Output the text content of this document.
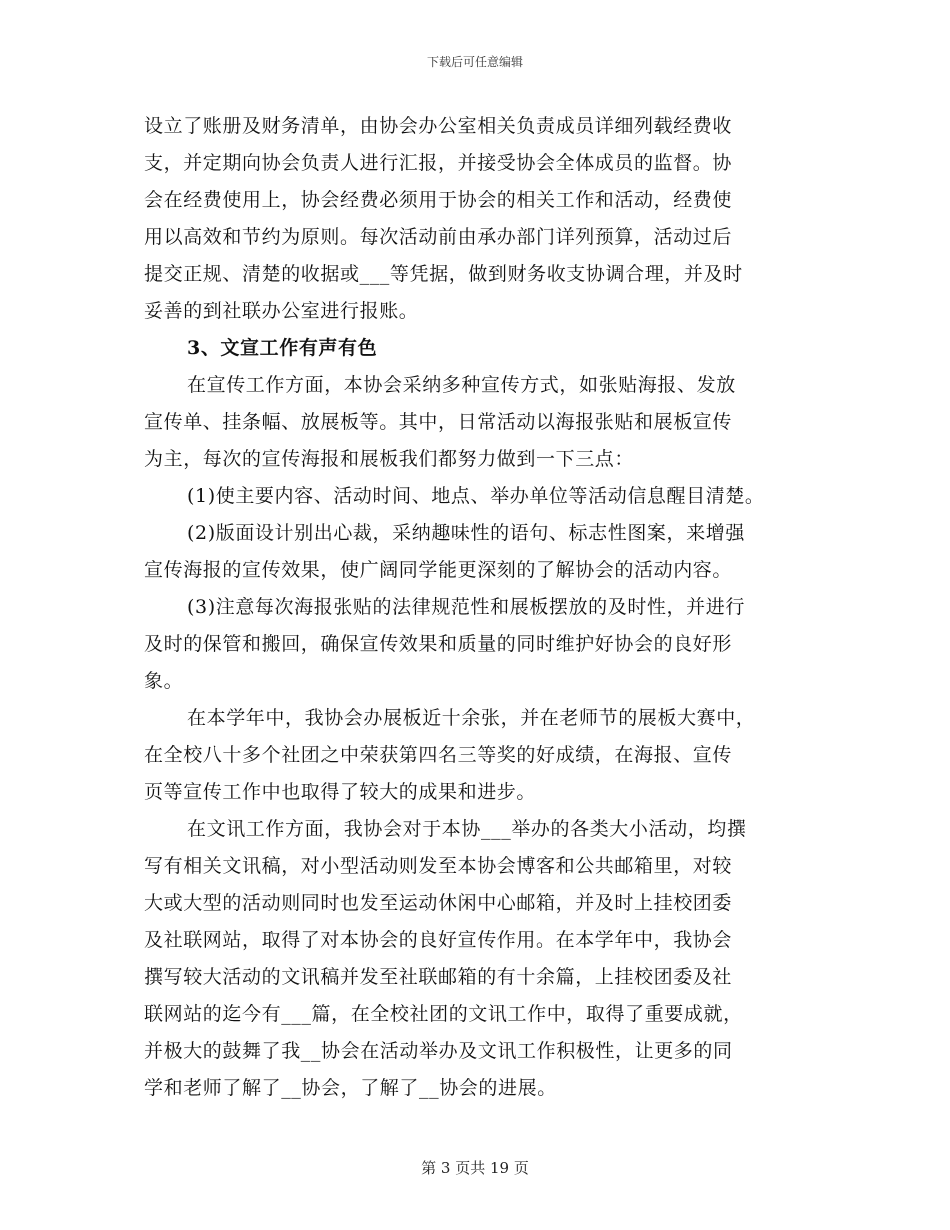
下载后可任意编辑
设立了账册及财务清单，由协会办公室相关负责成员详细列载经费收
支，并定期向协会负责人进行汇报，并接受协会全体成员的监督。协
会在经费使用上，协会经费必须用于协会的相关工作和活动，经费使
用以高效和节约为原则。每次活动前由承办部门详列预算，活动过后
提交正规、清楚的收据或___等凭据，做到财务收支协调合理，并及时
妥善的到社联办公室进行报账。
3、文宣工作有声有色
在宣传工作方面，本协会采纳多种宣传方式，如张贴海报、发放
宣传单、挂条幅、放展板等。其中，日常活动以海报张贴和展板宣传
为主，每次的宣传海报和展板我们都努力做到一下三点：
(1)使主要内容、活动时间、地点、举办单位等活动信息醒目清楚。
(2)版面设计别出心裁，采纳趣味性的语句、标志性图案，来增强
宣传海报的宣传效果，使广阔同学能更深刻的了解协会的活动内容。
(3)注意每次海报张贴的法律规范性和展板摆放的及时性，并进行
及时的保管和搬回，确保宣传效果和质量的同时维护好协会的良好形
象。
在本学年中，我协会办展板近十余张，并在老师节的展板大赛中，
在全校八十多个社团之中荣获第四名三等奖的好成绩，在海报、宣传
页等宣传工作中也取得了较大的成果和进步。
在文讯工作方面，我协会对于本协___举办的各类大小活动，均撰
写有相关文讯稿，对小型活动则发至本协会博客和公共邮箱里，对较
大或大型的活动则同时也发至运动休闲中心邮箱，并及时上挂校团委
及社联网站，取得了对本协会的良好宣传作用。在本学年中，我协会
撰写较大活动的文讯稿并发至社联邮箱的有十余篇，上挂校团委及社
联网站的迄今有___篇，在全校社团的文讯工作中，取得了重要成就，
并极大的鼓舞了我__协会在活动举办及文讯工作积极性，让更多的同
学和老师了解了__协会，了解了__协会的进展。
第 3 页共 19 页
